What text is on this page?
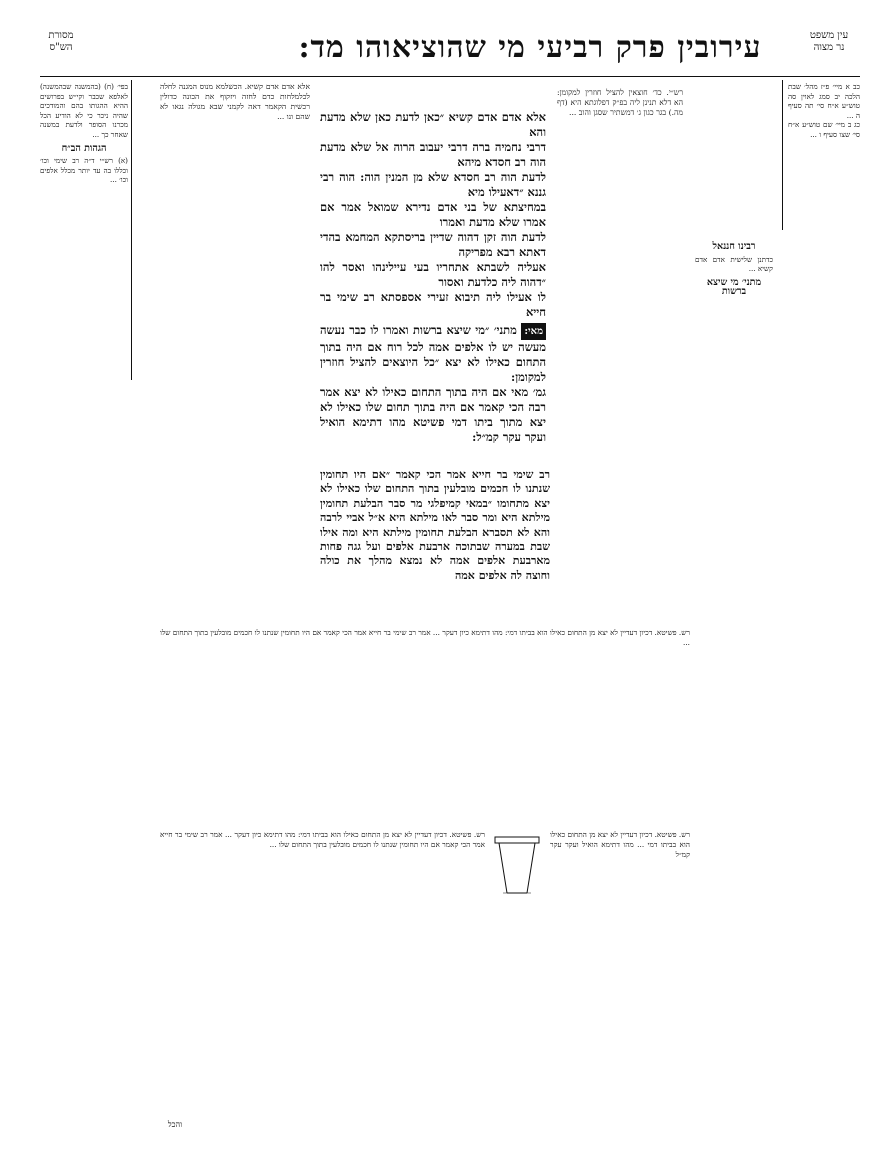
מסורת
הש"ס	עירובין פרק רביעי מי שהוציאוהו מד:	עין משפט
נר מצוה
בפי׳ (ח) (בהמשנה שבהמשנה) לאלפא שכבר וקי״ש בפרושים ההיא ההגותו בהם והמודכים שהיה ניכר כי לא הודיע הכל מכרנו הסופר ולדעת במשנה שאחר כך ...
הגהות הב״ח
(א) רש״י ד״ה רב שימי וכו׳ וכללו בה עד יותר מכלל אלפים וכו׳ ...
אלא אדם אדם קשיא. הכשלמא מנוס המגנה לחלה לכלמלחות כדם לחזה ויזקוף את הכונה כדולין רכשית הקאמר דאה לקמני שבא מגולה נגאו לא שהם ונו ... אלא אדם אדם קשיא ״כאן לדעת כאן שלא מדעת והא
דרבי נחמיה ברה דרבי יעבוב הרוה אל שלא מדעת הוה רב חסדא מיהא
לדעת הוה רב חסדא שלא מן המנין הוה: הוה רבי גננא ״דאעילו מיא
במחיצתא של בני אדם נדירא שמואל אמר אם אמרו שלא מדעת ואמרו
לדעת הוה זקן דהוה שדיין בריסתקא המחמא בהדי דאתא רבא מפריקה
אעליה לשבתא אתחריו בעי עיילינהו ואסר להו ״דהוה ליה כלדעת ואסור
לו אעילו ליה תיבוא זעירי אספסתא רב שימי בר חייא
מאי: מתני׳ ״מי שיצא ברשות ואמרו לו כבר נעשה מעשה יש לו אלפים אמה לכל רוח אם היה בתוך התחום כאילו לא יצא ״כל היוצאים להציל חוזרין למקומן:
גמ׳ מאי אם היה בתוך התחום כאילו לא יצא אמר רבה הכי קאמר אם היה בתוך תחום שלו כאילו לא יצא מתוך ביתו דמי פשיטא מהו דתימא הואיל ועקר עקר קמ״ל:
רב שימי בר חייא אמר הכי קאמר ״אם היו תחומין שנתנו לו חכמים מובלעין בתוך התחום שלו כאילו לא יצא מתחומו ״במאי קמיפלגי מר סבר הבלעת תחומין מילתא היא ומר סבר לאו מילתא היא א״ל אביי לרבה והא לא תסברא הבלעת תחומין מילתא היא ומה אילו שבת במערה שבתוכה ארבעת אלפים ועל גגה פחות מארבעת אלפים אמה לא נמצא מהלך את כולה וחוצה לה אלפים אמה
רש״י. כד׳ חוצאין להציל חוזרין למקומן: הא דלא תנינן ליה בפ״ק דפלוגתא היא (דף מה.) בגר כגון ג׳ דמשתיר שסגן והוב ...
רבינו חננאל
כדתנן שלישית אדם אדם קשיא ...
מתני׳ מי שיצא ברשות
כב א מיי׳ פ״ז מהל׳ שבת הלכה יב סמג לאוין סה טוש״ע א״ח סי׳ תה סעיף ה ...
כג ב מיי׳ שם טוש״ע א״ח סי׳ שצו סעיף ו ...
רש. פשיטא. דכיון דעדיין לא יצא מן התחום כאילו הוא בביתו דמי: מהו דתימא כיון דעקר ... אמר רב שימי בר חייא אמר הכי קאמר אם היו תחומין שנתנו לו חכמים מובלעין בתוך התחום שלו ...
רש. פשיטא. דכיון דעדיין לא יצא מן התחום כאילו הוא בביתו דמי ... מהו דתימא הואיל ועקר עקר קמ״ל
רש. פשיטא. דכיון דעדיין לא יצא מן התחום כאילו הוא בביתו דמי: מהו דתימא כיון דעקר ... אמר רב שימי בר חייא אמר הכי קאמר אם היו תחומין שנתנו לו חכמים מובלעין בתוך התחום שלו ...
והכל
